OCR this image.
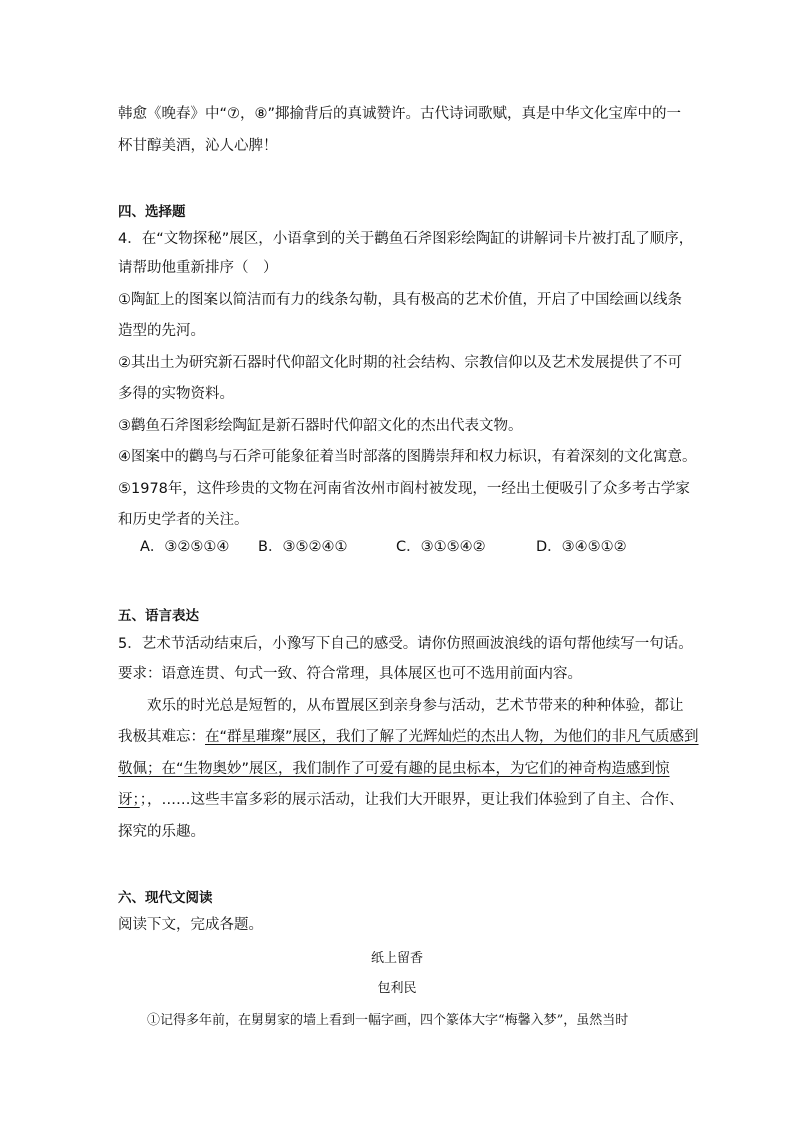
韩愈《晚春》中“⑦，⑧”揶揄背后的真诚赞许。古代诗词歌赋，真是中华文化宝库中的一
杯甘醇美酒，沁人心脾！
四、选择题
4．在“文物探秘”展区，小语拿到的关于鹳鱼石斧图彩绘陶缸的讲解词卡片被打乱了顺序，
请帮助他重新排序（　）
①陶缸上的图案以简洁而有力的线条勾勒，具有极高的艺术价值，开启了中国绘画以线条
造型的先河。
②其出土为研究新石器时代仰韶文化时期的社会结构、宗教信仰以及艺术发展提供了不可
多得的实物资料。
③鹳鱼石斧图彩绘陶缸是新石器时代仰韶文化的杰出代表文物。
④图案中的鹳鸟与石斧可能象征着当时部落的图腾崇拜和权力标识，有着深刻的文化寓意。
⑤1978年，这件珍贵的文物在河南省汝州市阎村被发现，一经出土便吸引了众多考古学家
和历史学者的关注。
A．③②⑤①④ B．③⑤②④①	C．③①⑤④②	D．③④⑤①②
五、语言表达
5．艺术节活动结束后，小豫写下自己的感受。请你仿照画波浪线的语句帮他续写一句话。
要求：语意连贯、句式一致、符合常理，具体展区也可不选用前面内容。
欢乐的时光总是短暂的，从布置展区到亲身参与活动，艺术节带来的种种体验，都让
我极其难忘：在“群星璀璨”展区，我们了解了光辉灿烂的杰出人物，为他们的非凡气质感到
敬佩；在“生物奥妙”展区，我们制作了可爱有趣的昆虫标本，为它们的神奇构造感到惊
讶；；，……这些丰富多彩的展示活动，让我们大开眼界，更让我们体验到了自主、合作、
探究的乐趣。
六、现代文阅读
阅读下文，完成各题。
纸上留香
包利民
①记得多年前，在舅舅家的墙上看到一幅字画，四个篆体大字“梅馨入梦”，虽然当时
